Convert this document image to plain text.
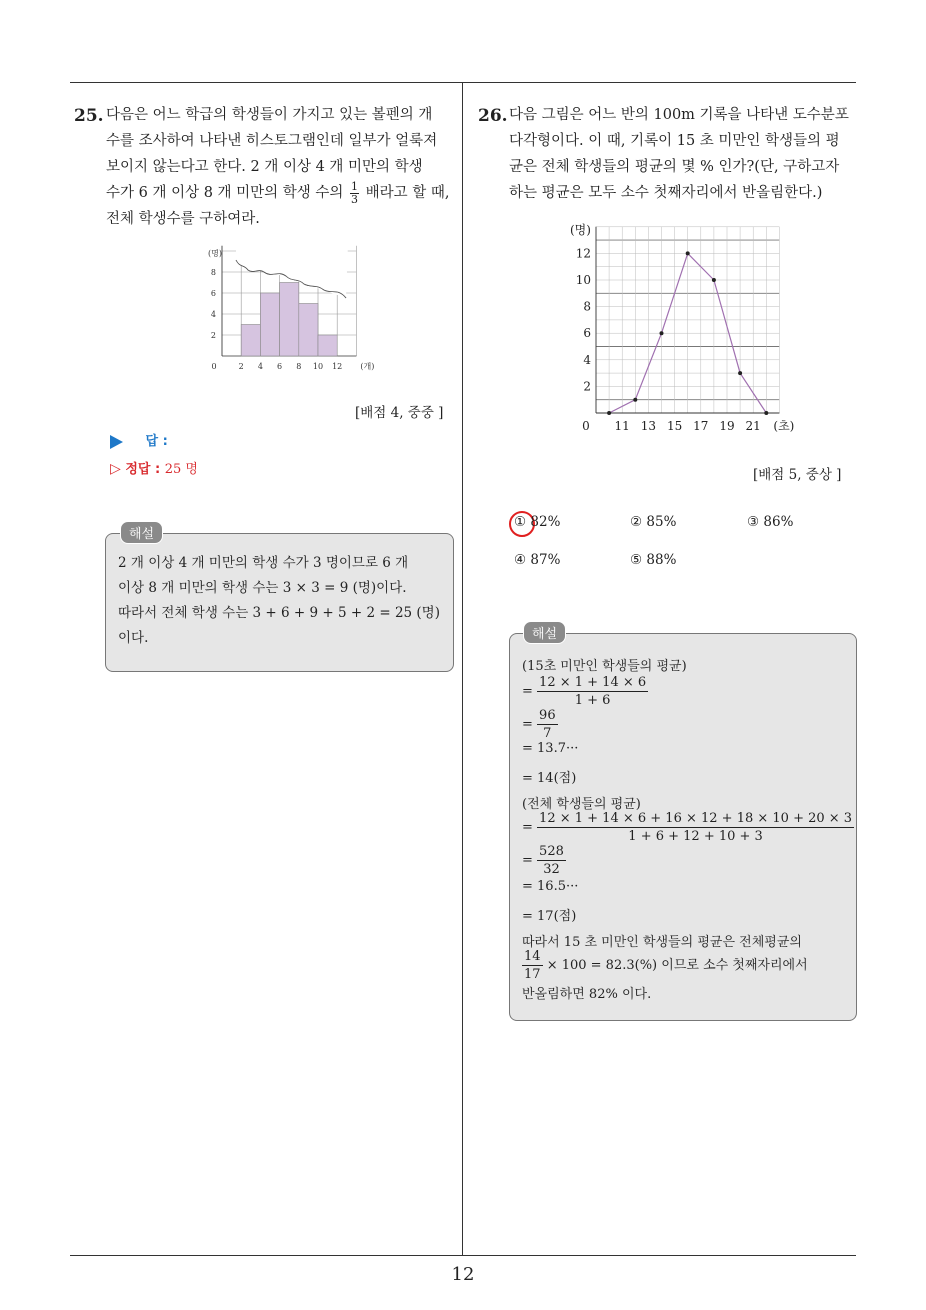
25. 다음은 어느 학급의 학생들이 가지고 있는 볼펜의 개
수를 조사하여 나타낸 히스토그램인데 일부가 얼룩져
보이지 않는다고 한다. 2 개 이상 4 개 미만의 학생
수가 6 개 이상 8 개 미만의 학생 수의 $\frac{1}{3}$ 배라고 할 때,
전체 학생수를 구하여라.
0	2 4 6 8 10 12
2
4
6
8
(명)
(개)
[배점 4, 중중 ]
답 :
▷ 정답 : 25 명
해설
2 개 이상 4 개 미만의 학생 수가 3 명이므로 6 개
이상 8 개 미만의 학생 수는 3 × 3 = 9 (명)이다.
따라서 전체 학생 수는 3 + 6 + 9 + 5 + 2 = 25 (명)
이다.
26. 다음 그림은 어느 반의 100m 기록을 나타낸 도수분포
다각형이다. 이 때, 기록이 15 초 미만인 학생들의 평
균은 전체 학생들의 평균의 몇 % 인가?(단, 구하고자
하는 평균은 모두 소수 첫째자리에서 반올림한다.)
0 11 13 15 17 19 21
2
4
6
8
10
12
(명)
(초)
[배점 5, 중상 ]
① 82%	② 85%	③ 86%
④ 87%	⑤ 88%
해설
(15초 미만인 학생들의 평균)
= $\frac{12 \times 1 + 14 \times 6}{1 + 6}$
= $\frac{96}{7}$
= 13.7···
= 14(점)
(전체 학생들의 평균)
= $\frac{12 \times 1 + 14 \times 6 + 16 \times 12 + 18 \times 10 + 20 \times 3}{1 + 6 + 12 + 10 + 3}$
= $\frac{528}{32}$
= 16.5···
= 17(점)
따라서 15 초 미만인 학생들의 평균은 전체평균의
$\frac{14}{17} \times 100 = 82.3(\%)$ 이므로 소수 첫째자리에서
반올림하면 82% 이다.
12
